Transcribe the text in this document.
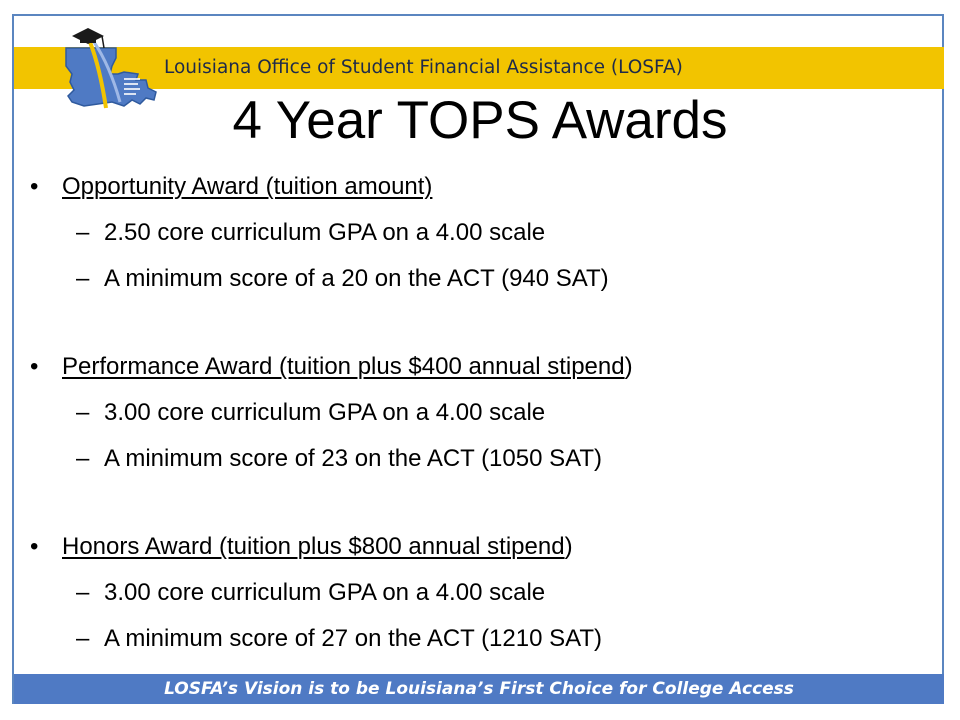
Louisiana Office of Student Financial Assistance (LOSFA)
4 Year TOPS Awards
• Opportunity Award (tuition amount)
– 2.50 core curriculum GPA on a 4.00 scale
– A minimum score of a 20 on the ACT (940 SAT)
• Performance Award (tuition plus $400 annual stipend)
– 3.00 core curriculum GPA on a 4.00 scale
– A minimum score of 23 on the ACT (1050 SAT)
• Honors Award (tuition plus $800 annual stipend)
– 3.00 core curriculum GPA on a 4.00 scale
– A minimum score of 27 on the ACT (1210 SAT)
LOSFA’s Vision is to be Louisiana’s First Choice for College Access
